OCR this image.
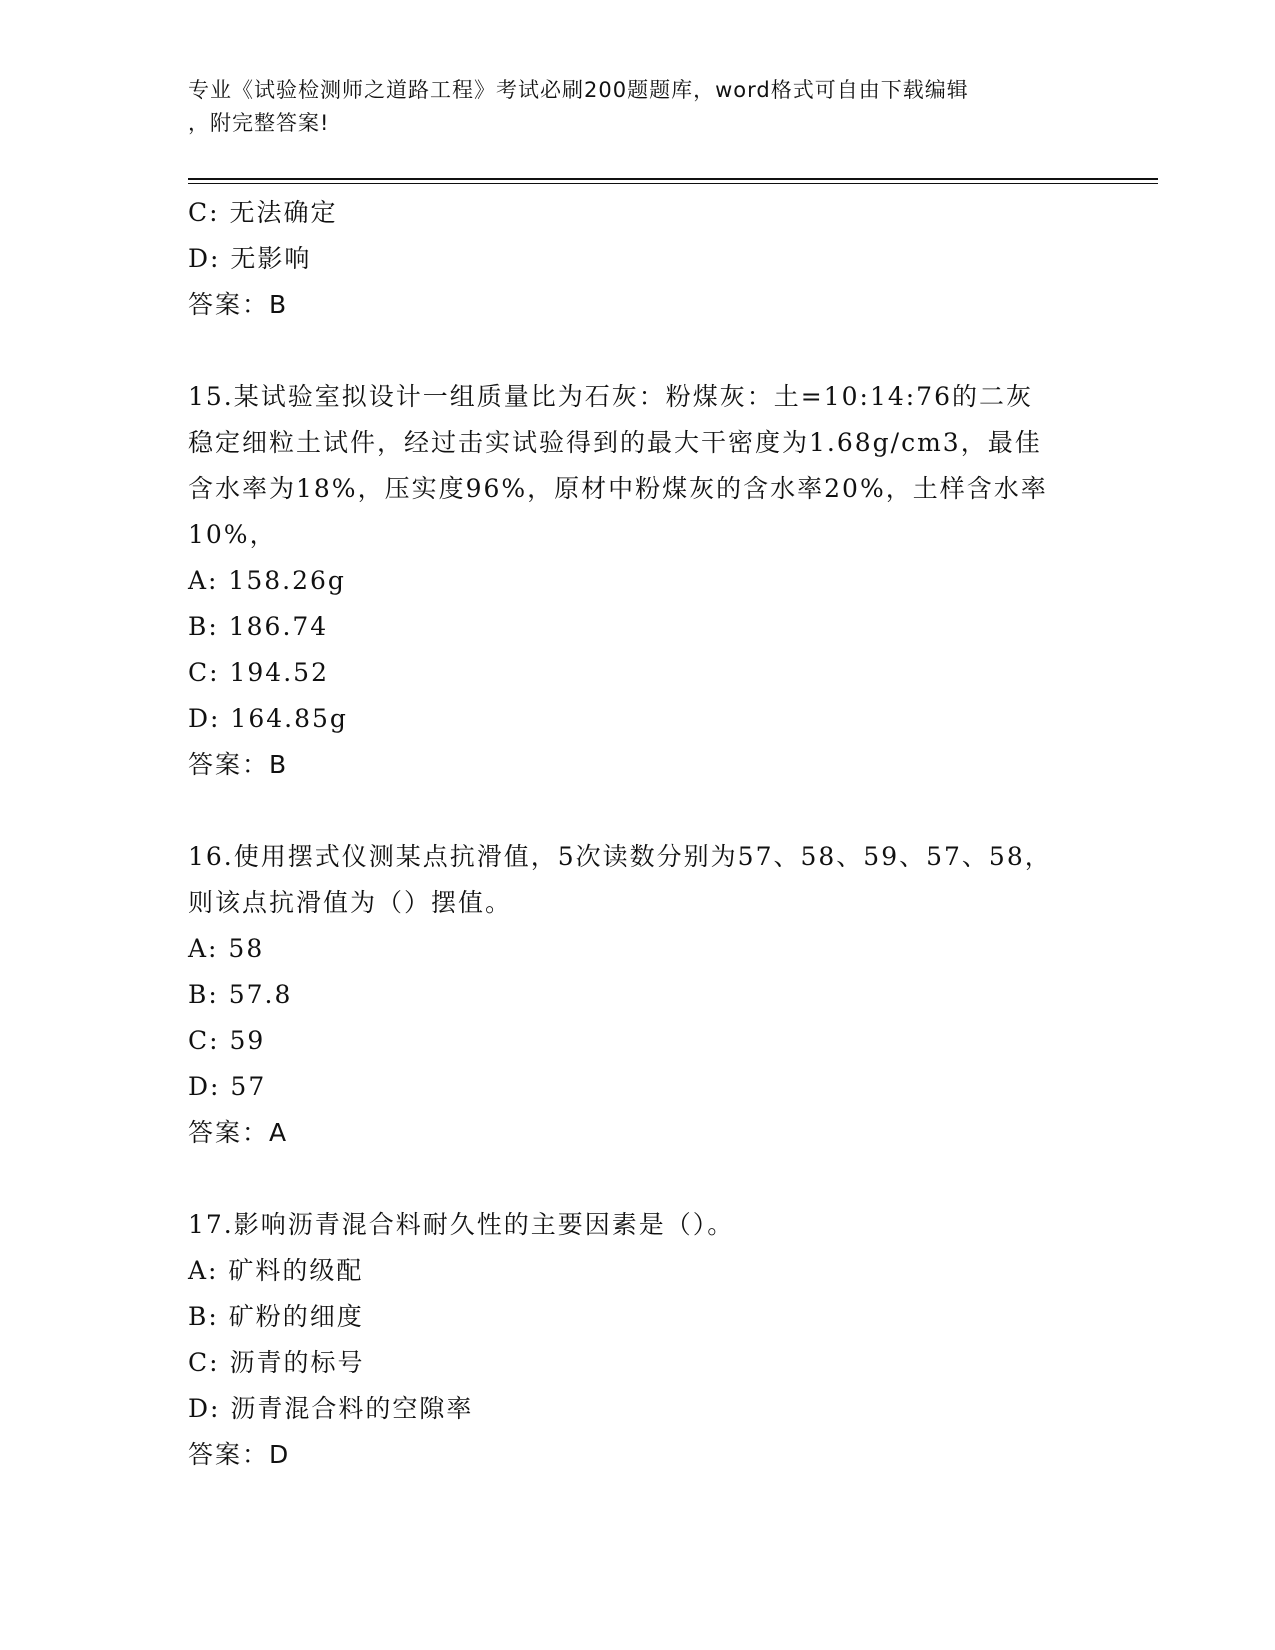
专业《试验检测师之道路工程》考试必刷200题题库，word格式可自由下载编辑
，附完整答案!
C: 无法确定
D: 无影响
答案：B
15.某试验室拟设计一组质量比为石灰：粉煤灰：土=10:14:76的二灰
稳定细粒土试件，经过击实试验得到的最大干密度为1.68g/cm3，最佳
含水率为18%，压实度96%，原材中粉煤灰的含水率20%，土样含水率
10%，
A: 158.26g
B: 186.74
C: 194.52
D: 164.85g
答案：B
16.使用摆式仪测某点抗滑值，5次读数分别为57、58、59、57、58，
则该点抗滑值为（）摆值。
A: 58
B: 57.8
C: 59
D: 57
答案：A
17.影响沥青混合料耐久性的主要因素是（）。
A: 矿料的级配
B: 矿粉的细度
C: 沥青的标号
D: 沥青混合料的空隙率
答案：D
